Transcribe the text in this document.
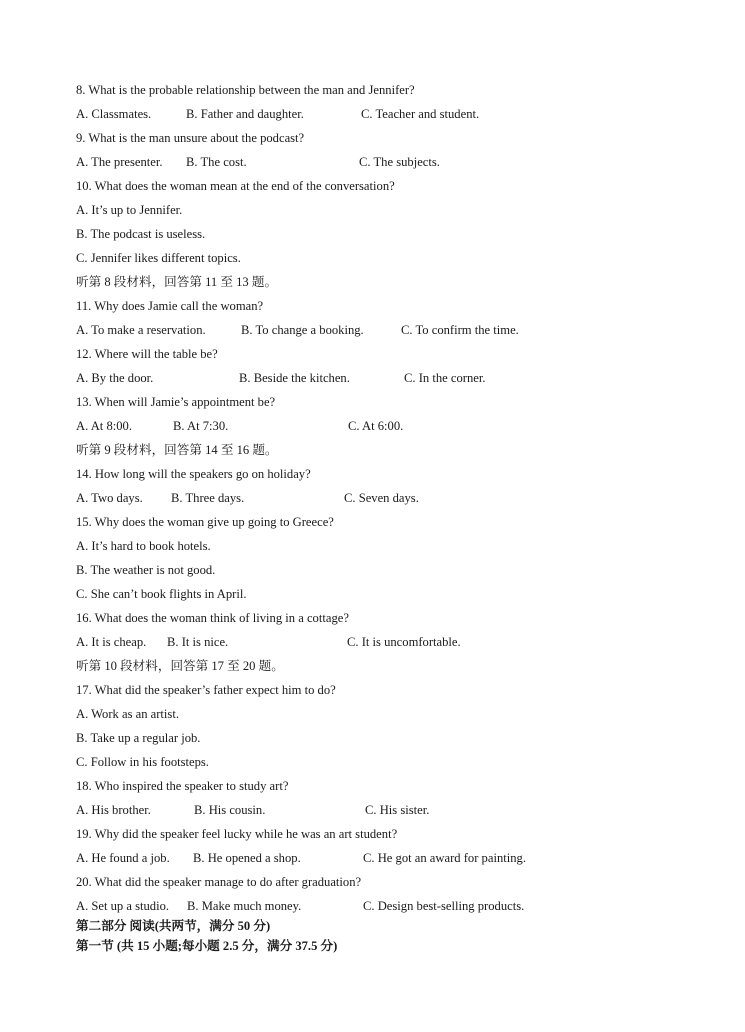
8. What is the probable relationship between the man and Jennifer?
A. Classmates.	B. Father and daughter.	C. Teacher and student.
9. What is the man unsure about the podcast?
A. The presenter. B. The cost.	C. The subjects.
10. What does the woman mean at the end of the conversation?
A. It’s up to Jennifer.
B. The podcast is useless.
C. Jennifer likes different topics.
听第 8 段材料，回答第 11 至 13 题。
11. Why does Jamie call the woman?
A. To make a reservation.	B. To change a booking.	C. To confirm the time.
12. Where will the table be?
A. By the door.	B. Beside the kitchen.	C. In the corner.
13. When will Jamie’s appointment be?
A. At 8:00.	B. At 7:30.	C. At 6:00.
听第 9 段材料，回答第 14 至 16 题。
14. How long will the speakers go on holiday?
A. Two days. B. Three days.	C. Seven days.
15. Why does the woman give up going to Greece?
A. It’s hard to book hotels.
B. The weather is not good.
C. She can’t book flights in April.
16. What does the woman think of living in a cottage?
A. It is cheap. B. It is nice.	C. It is uncomfortable.
听第 10 段材料，回答第 17 至 20 题。
17. What did the speaker’s father expect him to do?
A. Work as an artist.
B. Take up a regular job.
C. Follow in his footsteps.
18. Who inspired the speaker to study art?
A. His brother.	B. His cousin.	C. His sister.
19. Why did the speaker feel lucky while he was an art student?
A. He found a job. B. He opened a shop.	C. He got an award for painting.
20. What did the speaker manage to do after graduation?
A. Set up a studio. B. Make much money.	C. Design best-selling products.
第二部分 阅读(共两节，满分 50 分)
第一节 (共 15 小题;每小题 2.5 分，满分 37.5 分)
